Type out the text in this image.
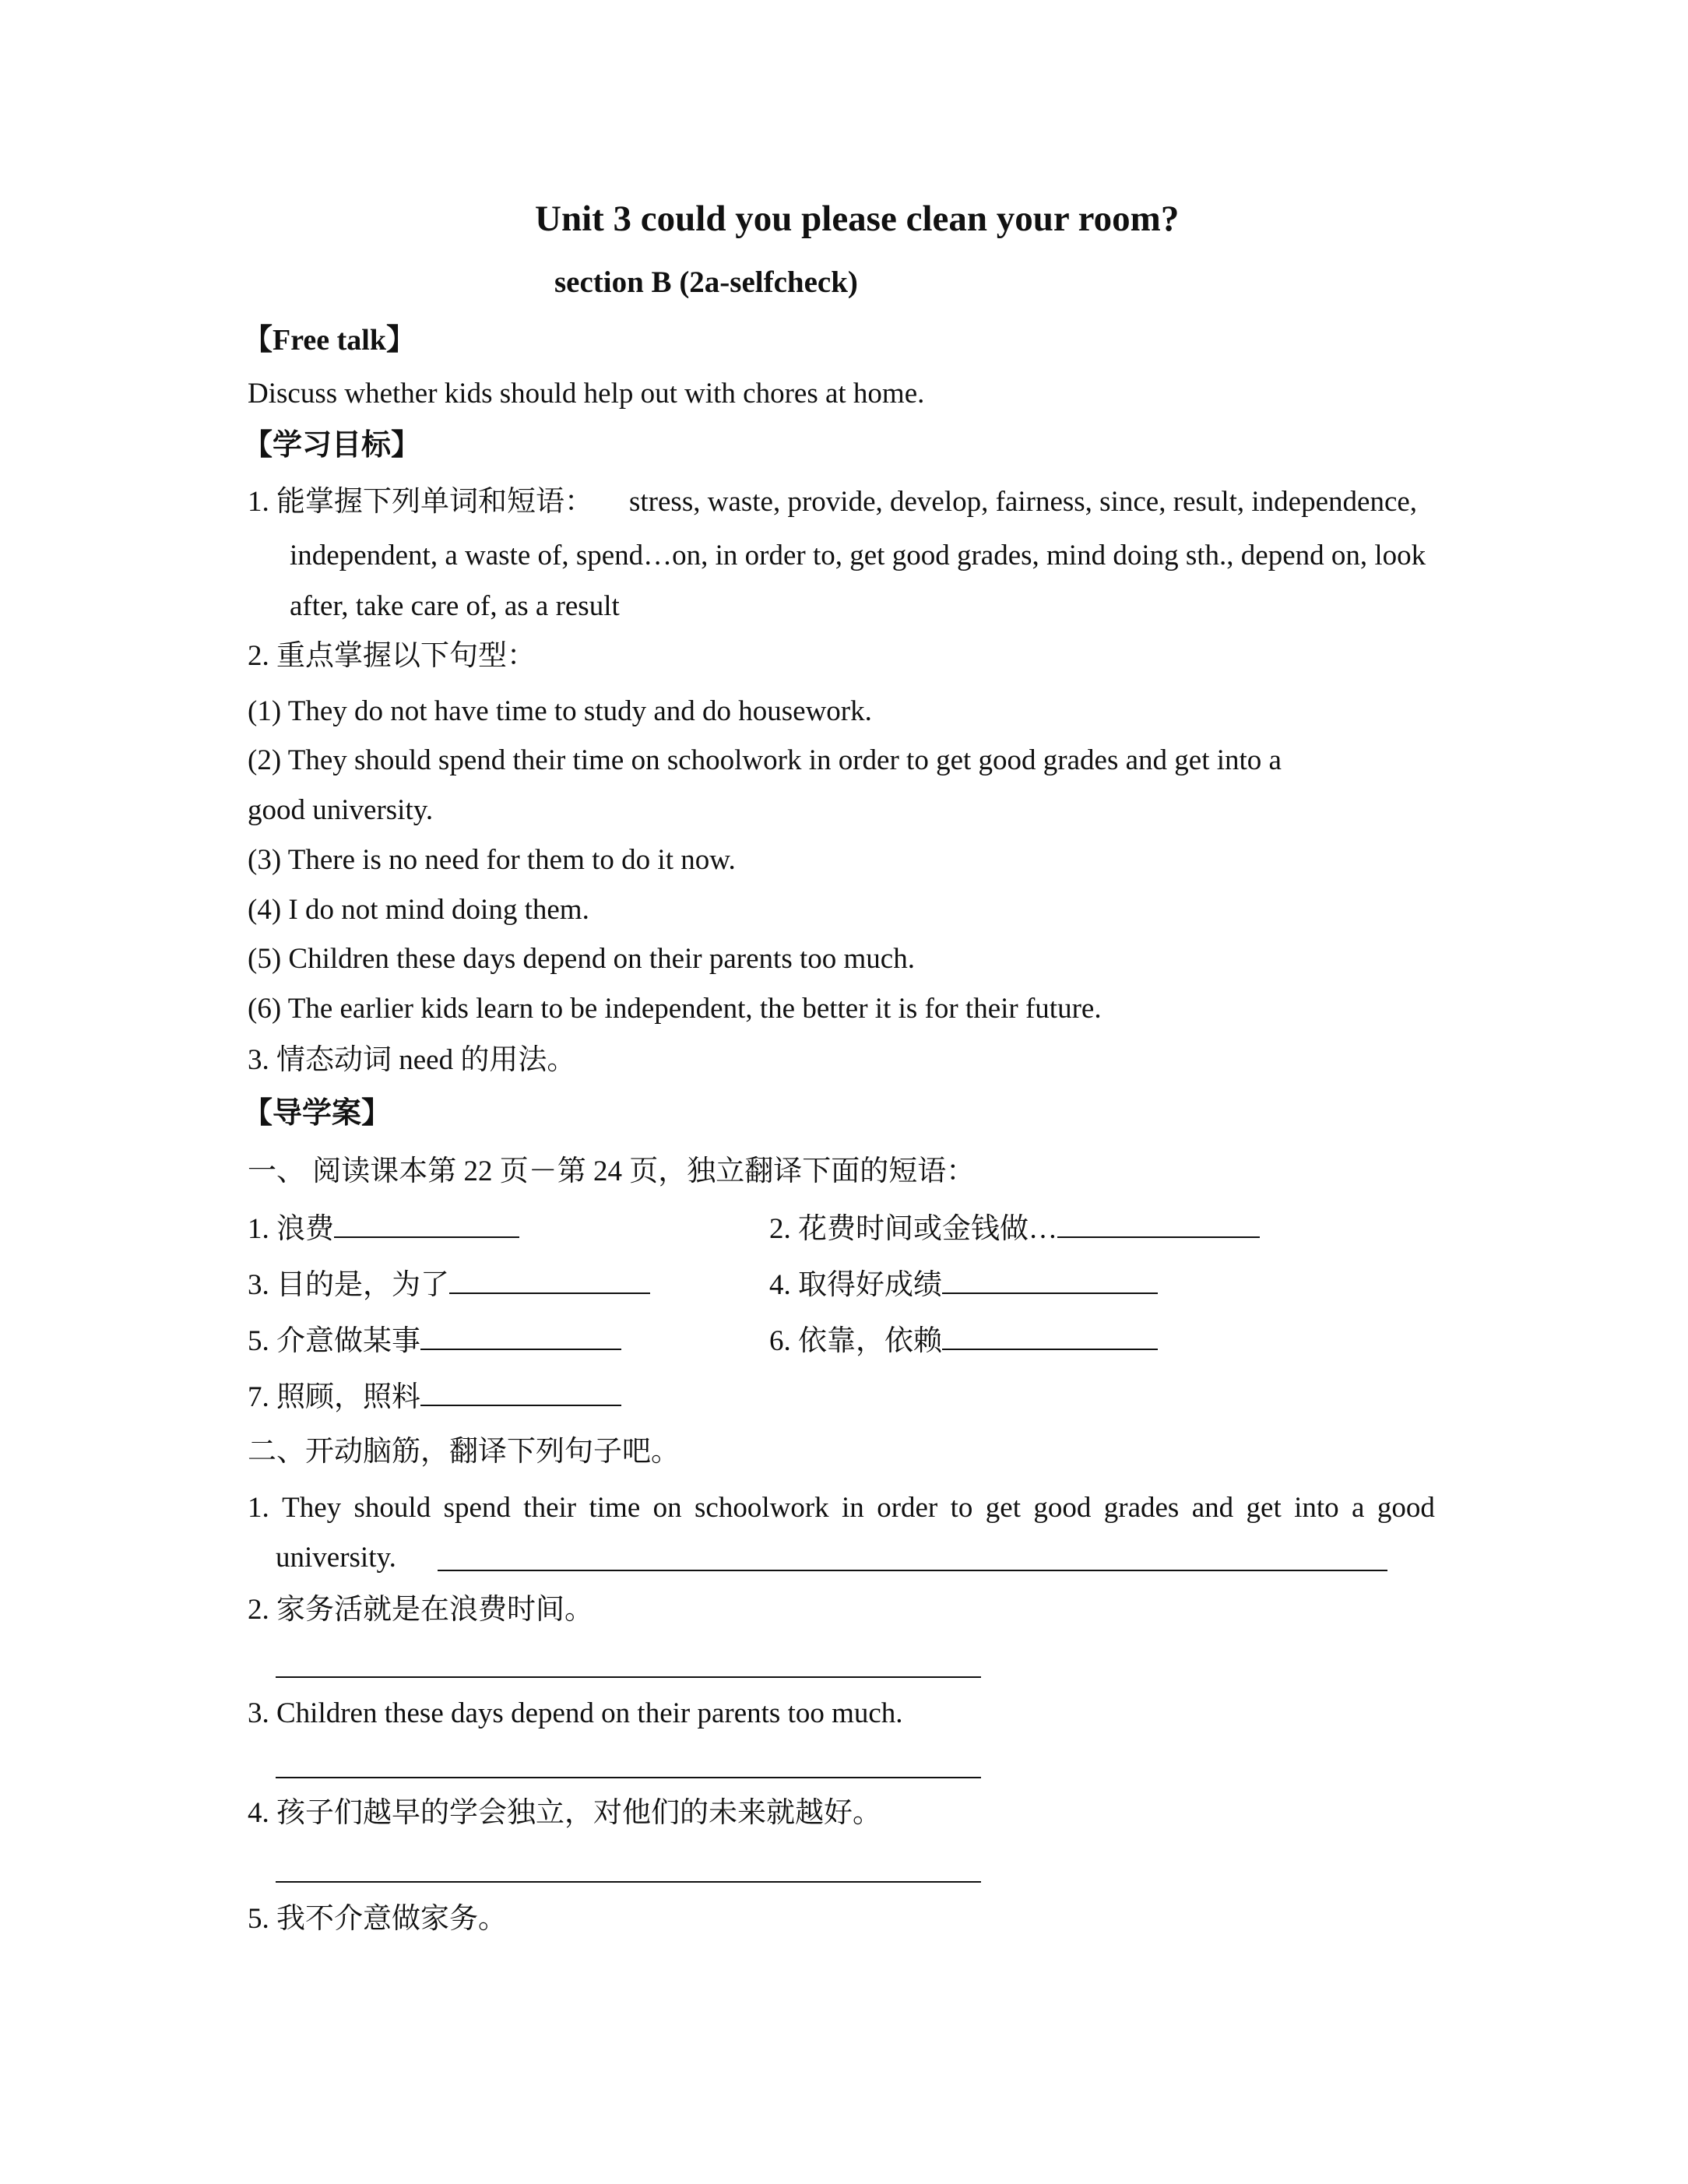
Unit 3 could you please clean your room?
section B (2a-selfcheck)
【Free talk】
Discuss whether kids should help out with chores at home.
【学习目标】
1. 能掌握下列单词和短语： stress, waste, provide, develop, fairness, since, result, independence,
independent, a waste of, spend…on, in order to, get good grades, mind doing sth., depend on, look
after, take care of, as a result
2. 重点掌握以下句型：
(1) They do not have time to study and do housework.
(2) They should spend their time on schoolwork in order to get good grades and get into a
good university.
(3) There is no need for them to do it now.
(4) I do not mind doing them.
(5) Children these days depend on their parents too much.
(6) The earlier kids learn to be independent, the better it is for their future.
3. 情态动词 need 的用法。
【导学案】
一、 阅读课本第 22 页－第 24 页，独立翻译下面的短语：
1. 浪费	2. 花费时间或金钱做…
3. 目的是，为了	4. 取得好成绩
5. 介意做某事	6. 依靠，依赖
7. 照顾，照料
二、开动脑筋，翻译下列句子吧。
1. They should spend their time on schoolwork in order to get good grades and get into a good
university.
2. 家务活就是在浪费时间。
3. Children these days depend on their parents too much.
4. 孩子们越早的学会独立，对他们的未来就越好。
5. 我不介意做家务。
